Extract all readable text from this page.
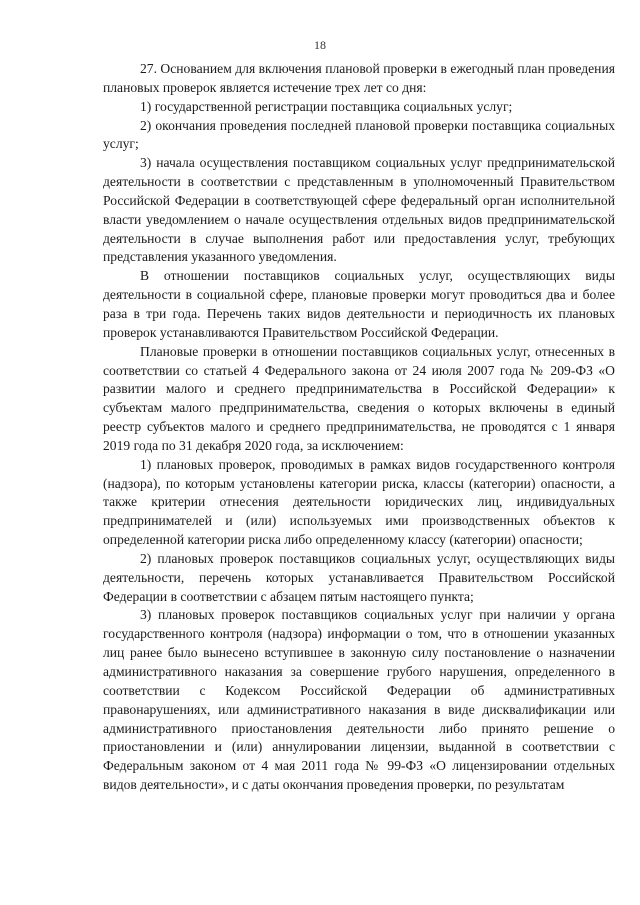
18

27. Основанием для включения плановой проверки в ежегодный план проведения плановых проверок является истечение трех лет со дня:

1) государственной регистрации поставщика социальных услуг;

2) окончания проведения последней плановой проверки поставщика социальных услуг;

3) начала осуществления поставщиком социальных услуг предпринимательской деятельности в соответствии с представленным в уполномоченный Правительством Российской Федерации в соответствующей сфере федеральный орган исполнительной власти уведомлением о начале осуществления отдельных видов предпринимательской деятельности в случае выполнения работ или предоставления услуг, требующих представления указанного уведомления.

В отношении поставщиков социальных услуг, осуществляющих виды деятельности в социальной сфере, плановые проверки могут проводиться два и более раза в три года. Перечень таких видов деятельности и периодичность их плановых проверок устанавливаются Правительством Российской Федерации.

Плановые проверки в отношении поставщиков социальных услуг, отнесенных в соответствии со статьей 4 Федерального закона от 24 июля 2007 года № 209-ФЗ «О развитии малого и среднего предпринимательства в Российской Федерации» к субъектам малого предпринимательства, сведения о которых включены в единый реестр субъектов малого и среднего предпринимательства, не проводятся с 1 января 2019 года по 31 декабря 2020 года, за исключением:

1) плановых проверок, проводимых в рамках видов государственного контроля (надзора), по которым установлены категории риска, классы (категории) опасности, а также критерии отнесения деятельности юридических лиц, индивидуальных предпринимателей и (или) используемых ими производственных объектов к определенной категории риска либо определенному классу (категории) опасности;

2) плановых проверок поставщиков социальных услуг, осуществляющих виды деятельности, перечень которых устанавливается Правительством Российской Федерации в соответствии с абзацем пятым настоящего пункта;

3) плановых проверок поставщиков социальных услуг при наличии у органа государственного контроля (надзора) информации о том, что в отношении указанных лиц ранее было вынесено вступившее в законную силу постановление о назначении административного наказания за совершение грубого нарушения, определенного в соответствии с Кодексом Российской Федерации об административных правонарушениях, или административного наказания в виде дисквалификации или административного приостановления деятельности либо принято решение о приостановлении и (или) аннулировании лицензии, выданной в соответствии с Федеральным законом от 4 мая 2011 года № 99-ФЗ «О лицензировании отдельных видов деятельности», и с даты окончания проведения проверки, по результатам
